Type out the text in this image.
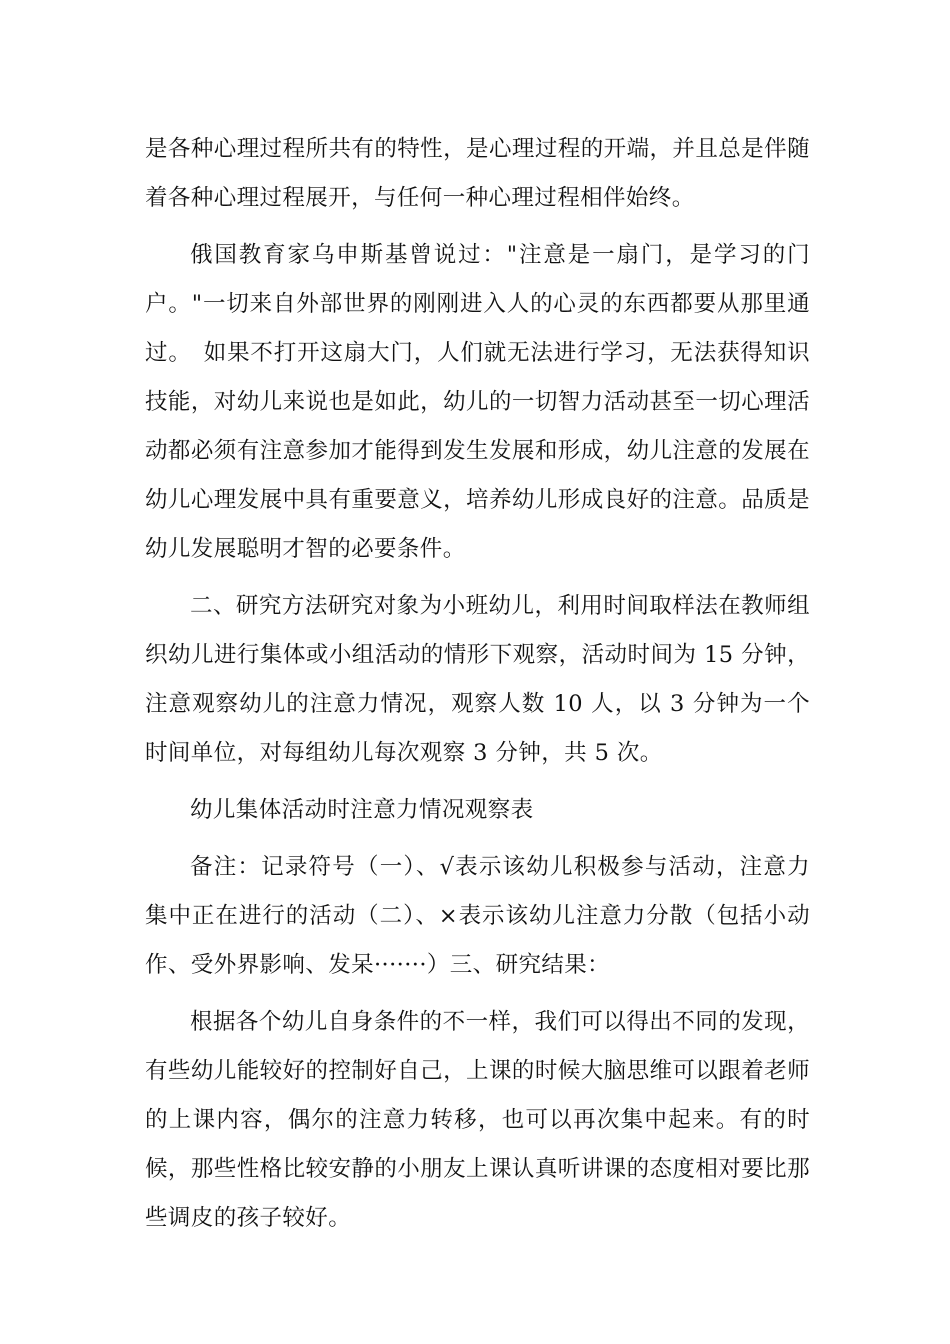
是各种心理过程所共有的特性，是心理过程的开端，并且总是伴随着各种心理过程展开，与任何一种心理过程相伴始终。

俄国教育家乌申斯基曾说过："注意是一扇门，是学习的门户。"一切来自外部世界的刚刚进入人的心灵的东西都要从那里通过。　如果不打开这扇大门，人们就无法进行学习，无法获得知识技能，对幼儿来说也是如此，幼儿的一切智力活动甚至一切心理活动都必须有注意参加才能得到发生发展和形成，幼儿注意的发展在幼儿心理发展中具有重要意义，培养幼儿形成良好的注意。品质是幼儿发展聪明才智的必要条件。

二、研究方法研究对象为小班幼儿，利用时间取样法在教师组织幼儿进行集体或小组活动的情形下观察，活动时间为 15 分钟，注意观察幼儿的注意力情况，观察人数 10 人，以 3 分钟为一个时间单位，对每组幼儿每次观察 3 分钟，共 5 次。

幼儿集体活动时注意力情况观察表

备注：记录符号（一）、√表示该幼儿积极参与活动，注意力集中正在进行的活动（二）、×表示该幼儿注意力分散（包括小动作、受外界影响、发呆·······）三、研究结果：

根据各个幼儿自身条件的不一样，我们可以得出不同的发现，有些幼儿能较好的控制好自己，上课的时候大脑思维可以跟着老师的上课内容，偶尔的注意力转移，也可以再次集中起来。有的时候，那些性格比较安静的小朋友上课认真听讲课的态度相对要比那些调皮的孩子较好。
